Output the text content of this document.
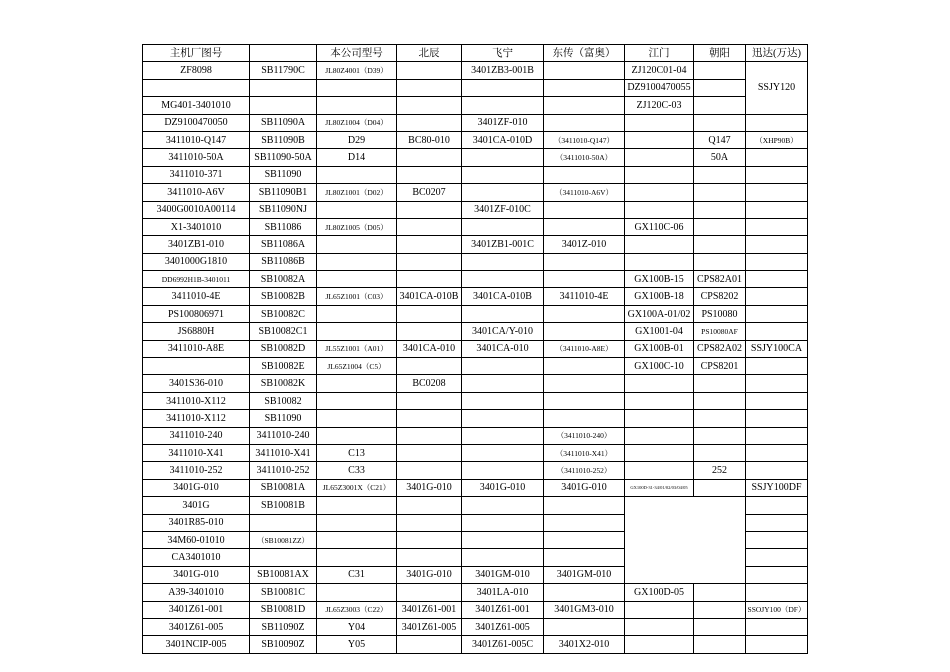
主机厂图号		本公司型号	北辰	飞宁	东传（富奥）	江门	朝阳	迅达(万达)
ZF8098	SB11790C	JL80Z4001（D39）		3401ZB3-001B		ZJ120C01-04		SSJY120
						DZ9100470055		
MG401-3401010						ZJ120C-03		
DZ9100470050	SB11090A	JL80Z1004（D04）		3401ZF-010				
3411010-Q147	SB11090B	D29	BC80-010	3401CA-010D	（3411010-Q147）		Q147	（XHP90B）
3411010-50A	SB11090-50A	D14			（3411010-50A）		50A	
3411010-371	SB11090							
3411010-A6V	SB11090B1	JL80Z1001（D02）	BC0207		（3411010-A6V）			
3400G0010A00114	SB11090NJ			3401ZF-010C				
X1-3401010	SB11086	JL80Z1005（D05）				GX110C-06		
3401ZB1-010	SB11086A			3401ZB1-001C	3401Z-010			
3401000G1810	SB11086B							
DD6992H1B-3401011	SB10082A					GX100B-15	CPS82A01	
3411010-4E	SB10082B	JL65Z1001（C03）	3401CA-010B	3401CA-010B	3411010-4E	GX100B-18	CPS8202	
PS100806971	SB10082C					GX100A-01/02	PS10080	
JS6880H	SB10082C1			3401CA/Y-010		GX1001-04	PS10080AF	
3411010-A8E	SB10082D	JL55Z1001（A01）	3401CA-010	3401CA-010	（3411010-A8E）	GX100B-01	CPS82A02	SSJY100CA
	SB10082E	JL65Z1004（C5）				GX100C-10	CPS8201	
3401S36-010	SB10082K		BC0208					
3411010-X112	SB10082							
3411010-X112	SB11090							
3411010-240	3411010-240				（3411010-240）			
3411010-X41	3411010-X41	C13			（3411010-X41）			
3411010-252	3411010-252	C33			（3411010-252）		252	
3401G-010	SB10081A	JL65Z3001X（C21）	3401G-010	3401G-010	3401G-010	GX100D-31-34/01/02/03/04/05		SSJY100DF
3401G	SB10081B							
3401R85-010								
34M60-01010	（SB10081ZZ）							
CA3401010								
3401G-010	SB10081AX	C31	3401G-010	3401GM-010	3401GM-010			
A39-3401010	SB10081C			3401LA-010		GX100D-05		
3401Z61-001	SB10081D	JL65Z3003（C22）	3401Z61-001	3401Z61-001	3401GM3-010			SSOJY100（DF）
3401Z61-005	SB11090Z	Y04	3401Z61-005	3401Z61-005				
3401NCIP-005	SB10090Z	Y05		3401Z61-005C	3401X2-010			
